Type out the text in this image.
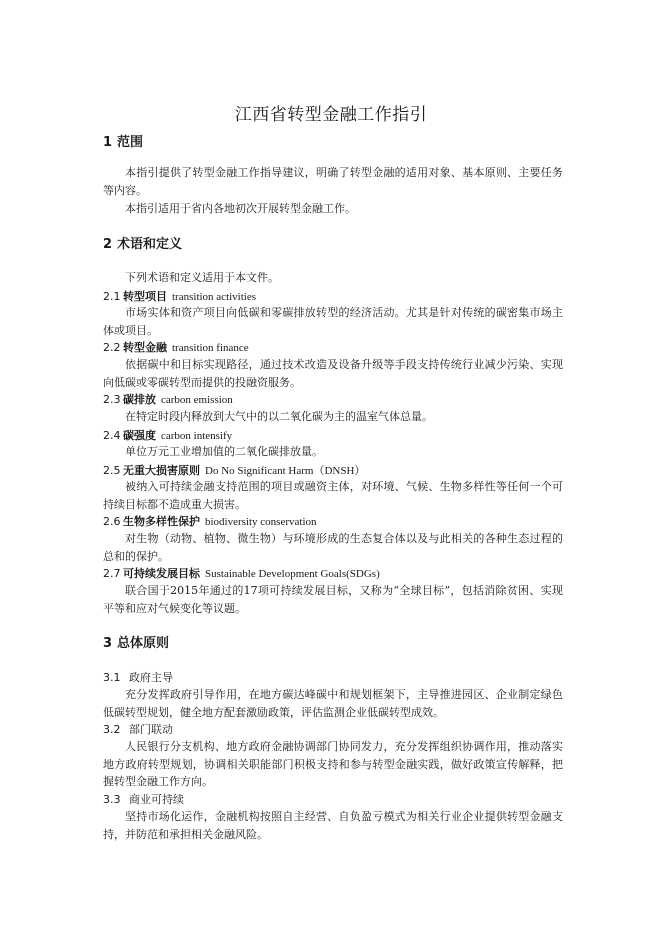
江西省转型金融工作指引
1 范围

本指引提供了转型金融工作指导建议，明确了转型金融的适用对象、基本原则、主要任务等内容。

本指引适用于省内各地初次开展转型金融工作。

2 术语和定义

下列术语和定义适用于本文件。

2.1 转型项目 transition activities

市场实体和资产项目向低碳和零碳排放转型的经济活动。尤其是针对传统的碳密集市场主体或项目。

2.2 转型金融 transition finance

依据碳中和目标实现路径，通过技术改造及设备升级等手段支持传统行业减少污染、实现向低碳或零碳转型而提供的投融资服务。

2.3 碳排放 carbon emission

在特定时段内释放到大气中的以二氧化碳为主的温室气体总量。

2.4 碳强度 carbon intensify

单位万元工业增加值的二氧化碳排放量。

2.5 无重大损害原则 Do No Significant Harm（DNSH）

被纳入可持续金融支持范围的项目或融资主体，对环境、气候、生物多样性等任何一个可持续目标都不造成重大损害。

2.6 生物多样性保护 biodiversity conservation

对生物（动物、植物、微生物）与环境形成的生态复合体以及与此相关的各种生态过程的总和的保护。

2.7 可持续发展目标 Sustainable Development Goals(SDGs)

联合国于2015年通过的17项可持续发展目标，又称为“全球目标”，包括消除贫困、实现平等和应对气候变化等议题。

3 总体原则
3.1 政府主导

充分发挥政府引导作用，在地方碳达峰碳中和规划框架下，主导推进园区、企业制定绿色低碳转型规划，健全地方配套激励政策，评估监测企业低碳转型成效。

3.2 部门联动

人民银行分支机构、地方政府金融协调部门协同发力，充分发挥组织协调作用，推动落实地方政府转型规划，协调相关职能部门积极支持和参与转型金融实践，做好政策宣传解释，把握转型金融工作方向。

3.3 商业可持续

坚持市场化运作，金融机构按照自主经营、自负盈亏模式为相关行业企业提供转型金融支持，并防范和承担相关金融风险。
